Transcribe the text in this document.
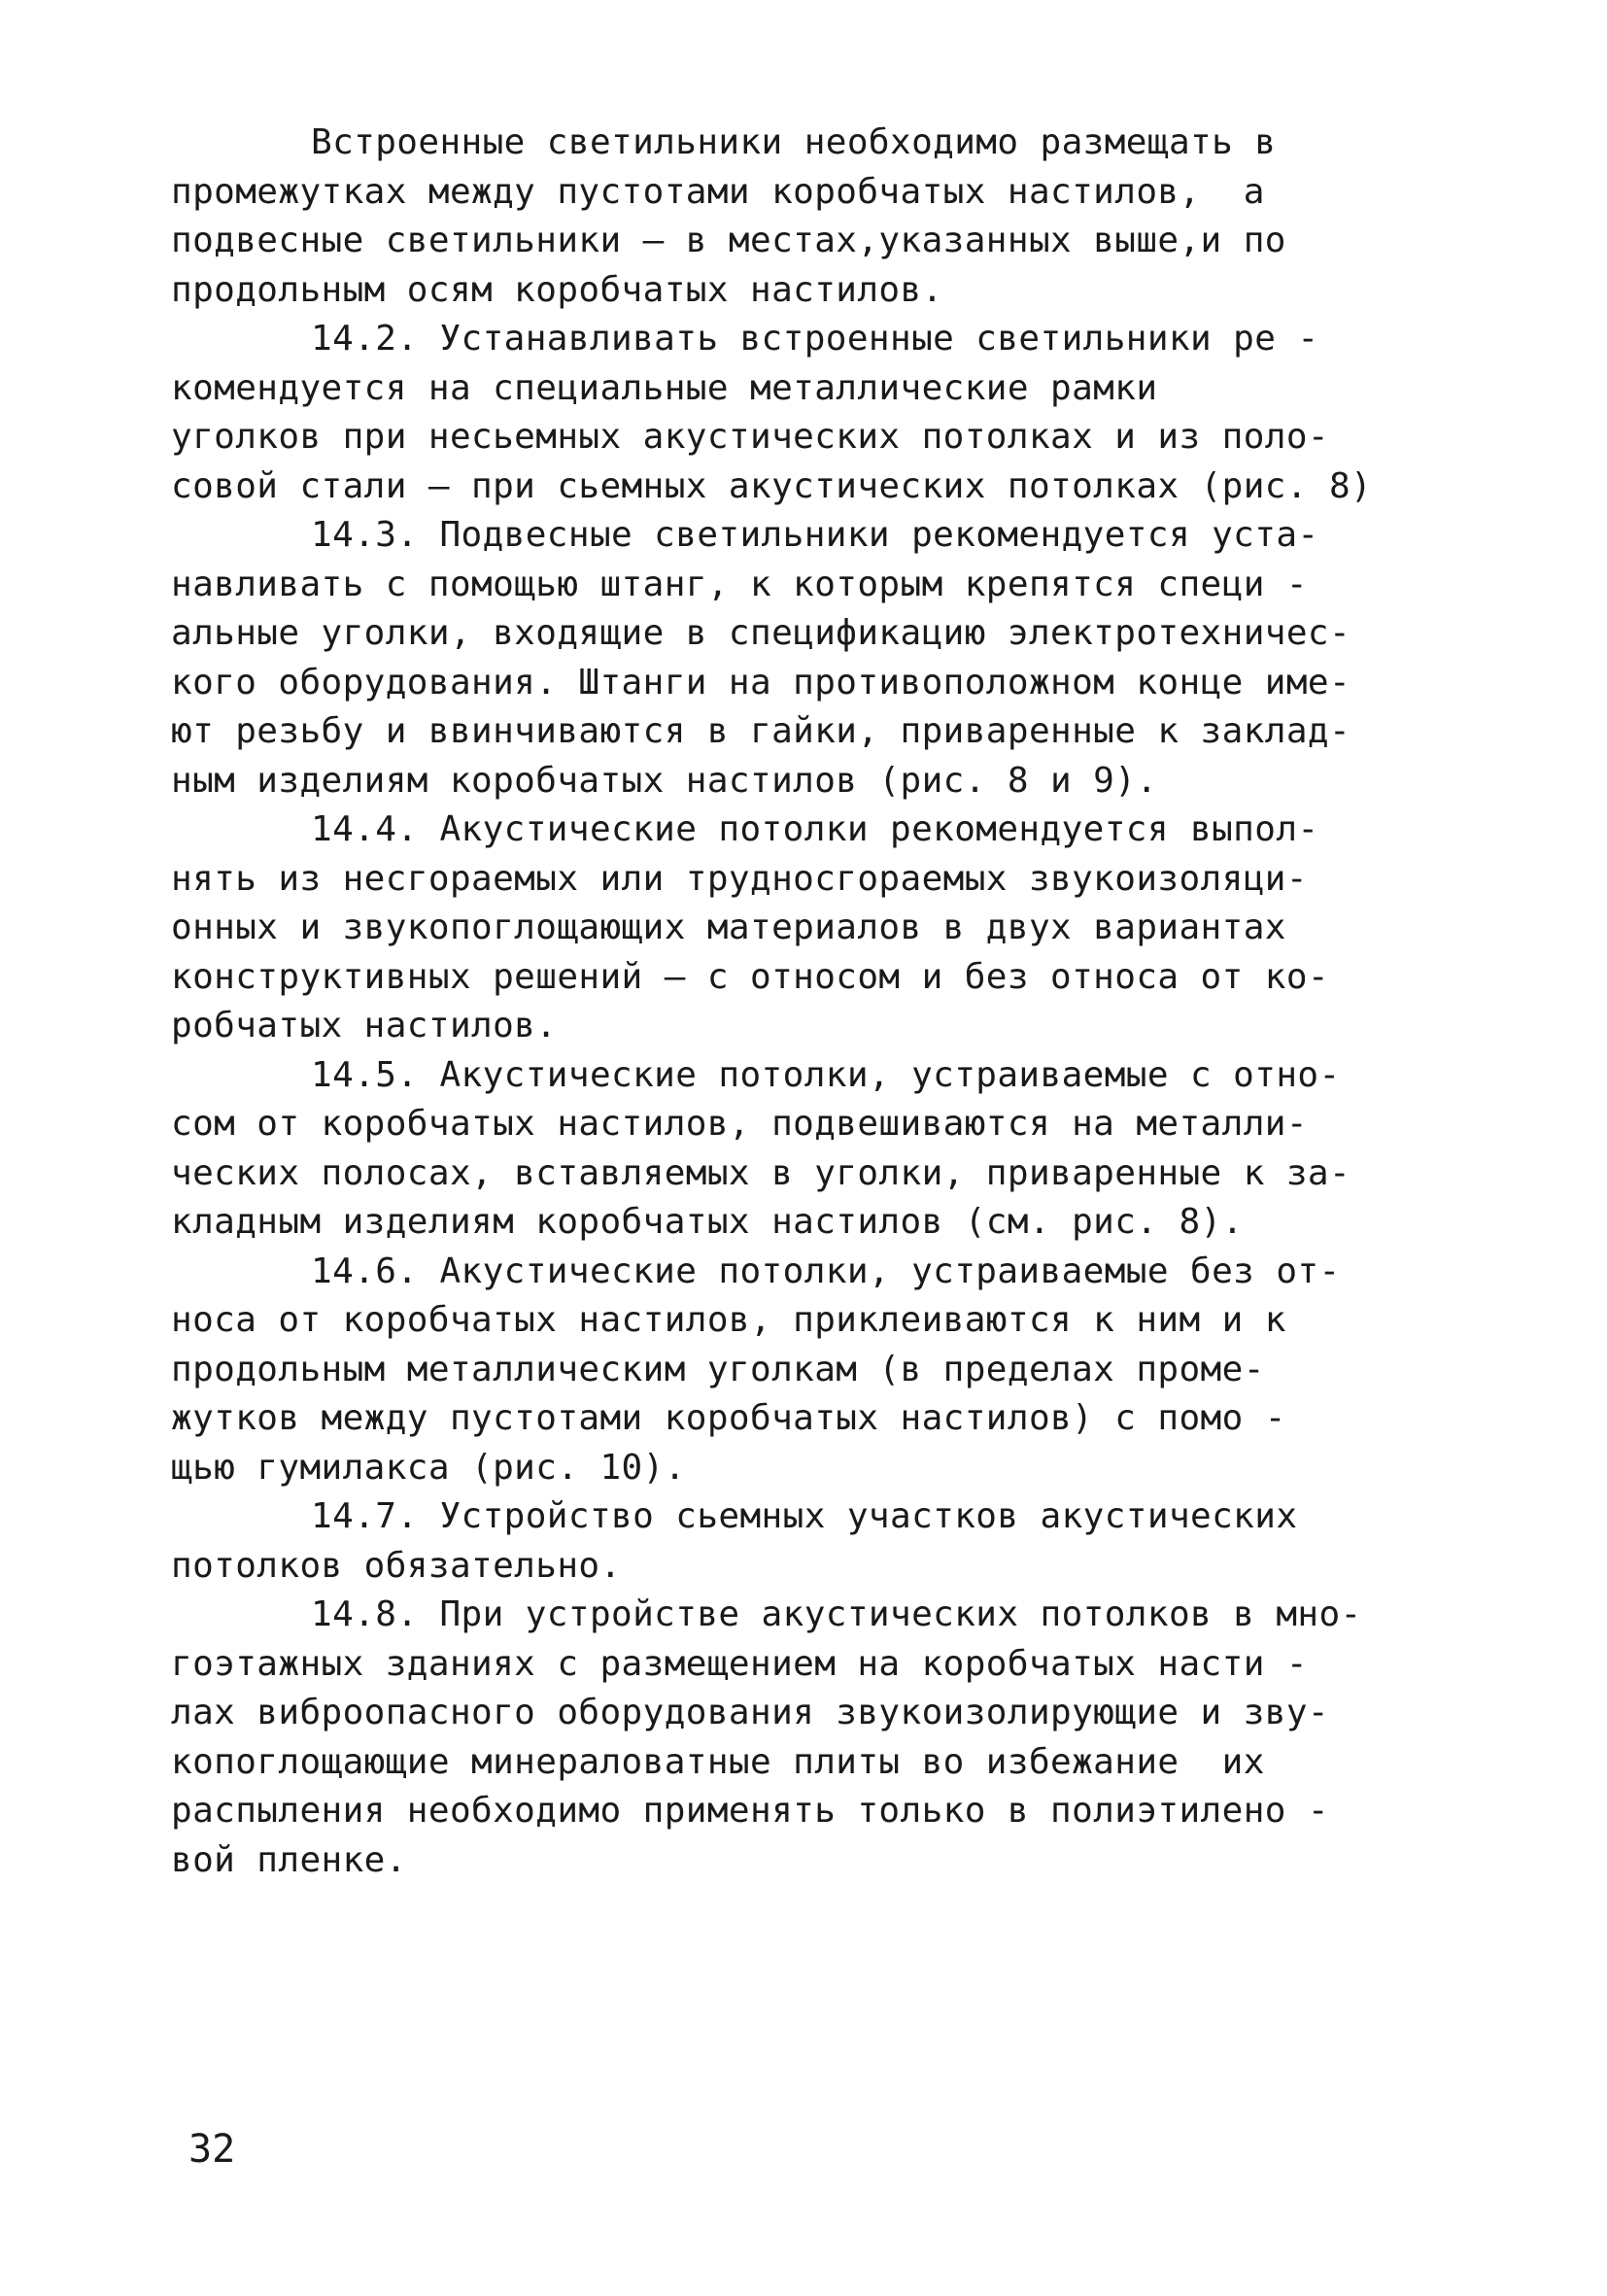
Встроенные светильники необходимо размещать в
промежутках между пустотами коробчатых настилов,  а
подвесные светильники – в местах,указанных выше,и по
продольным осям коробчатых настилов.
14.2. Устанавливать встроенные светильники ре -
комендуется на специальные металлические рамки
уголков при несьемных акустических потолках и из поло-
совой стали – при сьемных акустических потолках (рис. 8)
14.3. Подвесные светильники рекомендуется уста-
навливать с помощью штанг, к которым крепятся специ -
альные уголки, входящие в спецификацию электротехничес-
кого оборудования. Штанги на противоположном конце име-
ют резьбу и ввинчиваются в гайки, приваренные к заклад-
ным изделиям коробчатых настилов (рис. 8 и 9).
14.4. Акустические потолки рекомендуется выпол-
нять из несгораемых или трудносгораемых звукоизоляци-
онных и звукопоглощающих материалов в двух вариантах
конструктивных решений – с относом и без относа от ко-
робчатых настилов.
14.5. Акустические потолки, устраиваемые с отно-
сом от коробчатых настилов, подвешиваются на металли-
ческих полосах, вставляемых в уголки, приваренные к за-
кладным изделиям коробчатых настилов (см. рис. 8).
14.6. Акустические потолки, устраиваемые без от-
носа от коробчатых настилов, приклеиваются к ним и к
продольным металлическим уголкам (в пределах проме-
жутков между пустотами коробчатых настилов) с помо -
щью гумилакса (рис. 10).
14.7. Устройство сьемных участков акустических
потолков обязательно.
14.8. При устройстве акустических потолков в мно-
гоэтажных зданиях с размещением на коробчатых насти -
лах виброопасного оборудования звукоизолирующие и зву-
копоглощающие минераловатные плиты во избежание  их
распыления необходимо применять только в полиэтилено -
вой пленке.
32
